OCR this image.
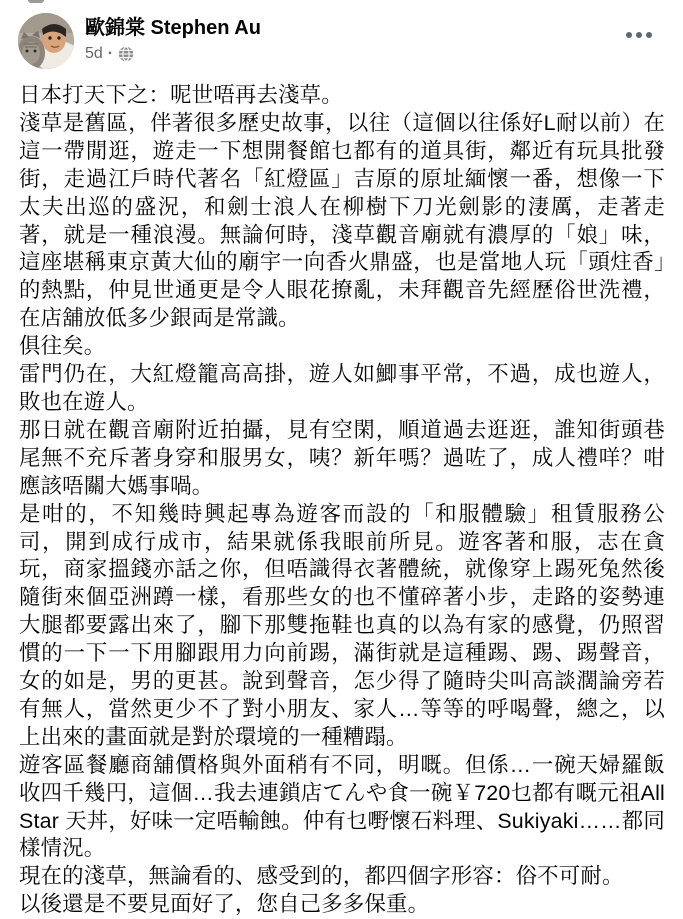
歐錦棠 Stephen Au
5d ·

日本打天下之：呢世唔再去淺草。

淺草是舊區，伴著很多歷史故事，以往（這個以往係好L耐以前）在這一帶閒逛，遊走一下想開餐館乜都有的道具街，鄰近有玩具批發街，走過江戶時代著名「紅燈區」吉原的原址緬懷一番，想像一下太夫出巡的盛況，和劍士浪人在柳樹下刀光劍影的淒厲，走著走著，就是一種浪漫。無論何時，淺草觀音廟就有濃厚的「娘」味，這座堪稱東京黃大仙的廟宇一向香火鼎盛，也是當地人玩「頭炷香」的熱點，仲見世通更是令人眼花撩亂，未拜觀音先經歷俗世洗禮，在店舖放低多少銀両是常識。

俱往矣。

雷門仍在，大紅燈籠高高掛，遊人如鯽事平常，不過，成也遊人，敗也在遊人。

那日就在觀音廟附近拍攝，見有空閑，順道過去逛逛，誰知街頭巷尾無不充斥著身穿和服男女，咦？新年嗎？過咗了，成人禮咩？咁應該唔關大媽事喎。

是咁的，不知幾時興起專為遊客而設的「和服體驗」租賃服務公司，開到成行成市，結果就係我眼前所見。遊客著和服，志在貪玩，商家搵錢亦話之你，但唔識得衣著體統，就像穿上踢死兔然後隨街來個亞洲蹲一樣，看那些女的也不懂碎著小步，走路的姿勢連大腿都要露出來了，腳下那雙拖鞋也真的以為有家的感覺，仍照習慣的一下一下用腳跟用力向前踢，滿街就是這種踢、踢、踢聲音，女的如是，男的更甚。說到聲音，怎少得了隨時尖叫高談濶論旁若有無人，當然更少不了對小朋友、家人…等等的呼喝聲，總之，以上出來的畫面就是對於環境的一種糟蹋。

遊客區餐廳商舖價格與外面稍有不同，明嘅。但係…一碗天婦羅飯收四千幾円，這個…我去連鎖店てんや食一碗￥720乜都有嘅元祖All Star 天丼，好味一定唔輸蝕。仲有乜嘢懷石料理、Sukiyaki……都同樣情況。

現在的淺草，無論看的、感受到的，都四個字形容：俗不可耐。

以後還是不要見面好了，您自己多多保重。
